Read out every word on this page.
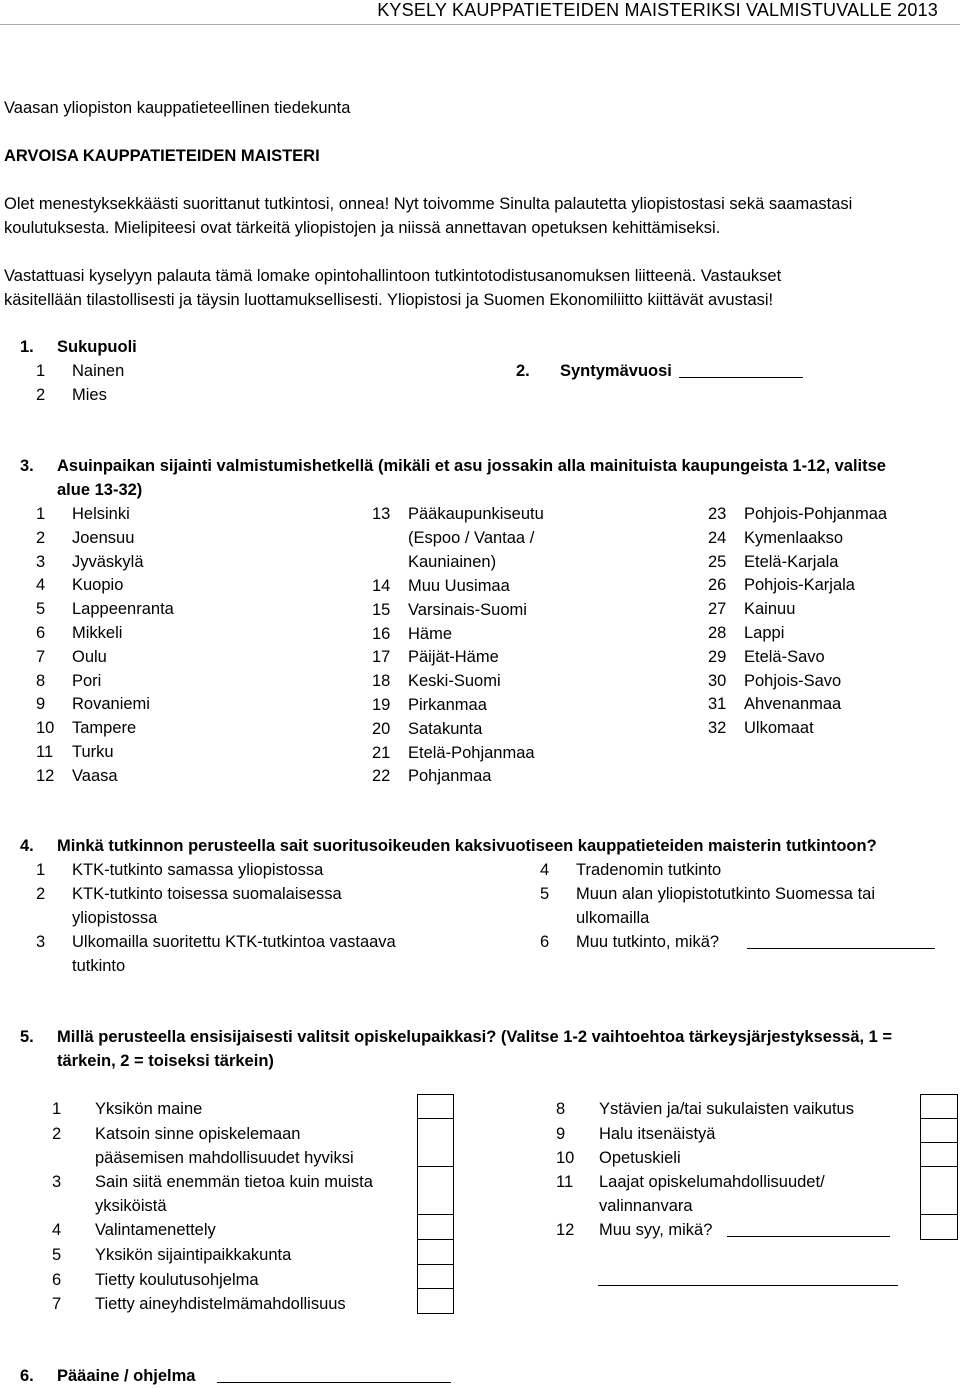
KYSELY KAUPPATIETEIDEN MAISTERIKSI VALMISTUVALLE 2013
Vaasan yliopiston kauppatieteellinen tiedekunta
ARVOISA KAUPPATIETEIDEN MAISTERI
Olet menestyksekkäästi suorittanut tutkintosi, onnea! Nyt toivomme Sinulta palautetta yliopistostasi sekä saamastasi
koulutuksesta. Mielipiteesi ovat tärkeitä yliopistojen ja niissä annettavan opetuksen kehittämiseksi.
Vastattuasi kyselyyn palauta tämä lomake opintohallintoon tutkintotodistusanomuksen liitteenä. Vastaukset
käsitellään tilastollisesti ja täysin luottamuksellisesti. Yliopistosi ja Suomen Ekonomiliitto kiittävät avustasi!
1. Sukupuoli
1 Nainen
2 Mies
2. Syntymävuosi
3. Asuinpaikan sijainti valmistumishetkellä (mikäli et asu jossakin alla mainituista kaupungeista 1-12, valitse
alue 13-32)
1 Helsinki
2 Joensuu
3 Jyväskylä
4 Kuopio
5 Lappeenranta
6 Mikkeli
7 Oulu
8 Pori
9 Rovaniemi
10 Tampere
11 Turku
12 Vaasa
14 Muu Uusimaa
15 Varsinais-Suomi
16 Häme
17 Päijät-Häme
18 Keski-Suomi
19 Pirkanmaa
20 Satakunta
21 Etelä-Pohjanmaa
22 Pohjanmaa
23 Pohjois-Pohjanmaa
24 Kymenlaakso
25 Etelä-Karjala
26 Pohjois-Karjala
27 Kainuu
28 Lappi
29 Etelä-Savo
30 Pohjois-Savo
31 Ahvenanmaa
32 Ulkomaat
13 Pääkaupunkiseutu
(Espoo / Vantaa /
Kauniainen)
4. Minkä tutkinnon perusteella sait suoritusoikeuden kaksivuotiseen kauppatieteiden maisterin tutkintoon?
1 KTK-tutkinto samassa yliopistossa
2 KTK-tutkinto toisessa suomalaisessa
yliopistossa
3 Ulkomailla suoritettu KTK-tutkintoa vastaava
tutkinto
4 Tradenomin tutkinto
5 Muun alan yliopistotutkinto Suomessa tai
ulkomailla
6 Muu tutkinto, mikä?
5. Millä perusteella ensisijaisesti valitsit opiskelupaikkasi? (Valitse 1-2 vaihtoehtoa tärkeysjärjestyksessä, 1 =
tärkein, 2 = toiseksi tärkein)
1 Yksikön maine
2 Katsoin sinne opiskelemaan
pääsemisen mahdollisuudet hyviksi
3 Sain siitä enemmän tietoa kuin muista
yksiköistä
4 Valintamenettely
5 Yksikön sijaintipaikkakunta
6 Tietty koulutusohjelma
7 Tietty aineyhdistelmämahdollisuus
8 Ystävien ja/tai sukulaisten vaikutus
9 Halu itsenäistyä
10 Opetuskieli
11 Laajat opiskelumahdollisuudet/
valinnanvara
12 Muu syy, mikä?
6. Pääaine / ohjelma
